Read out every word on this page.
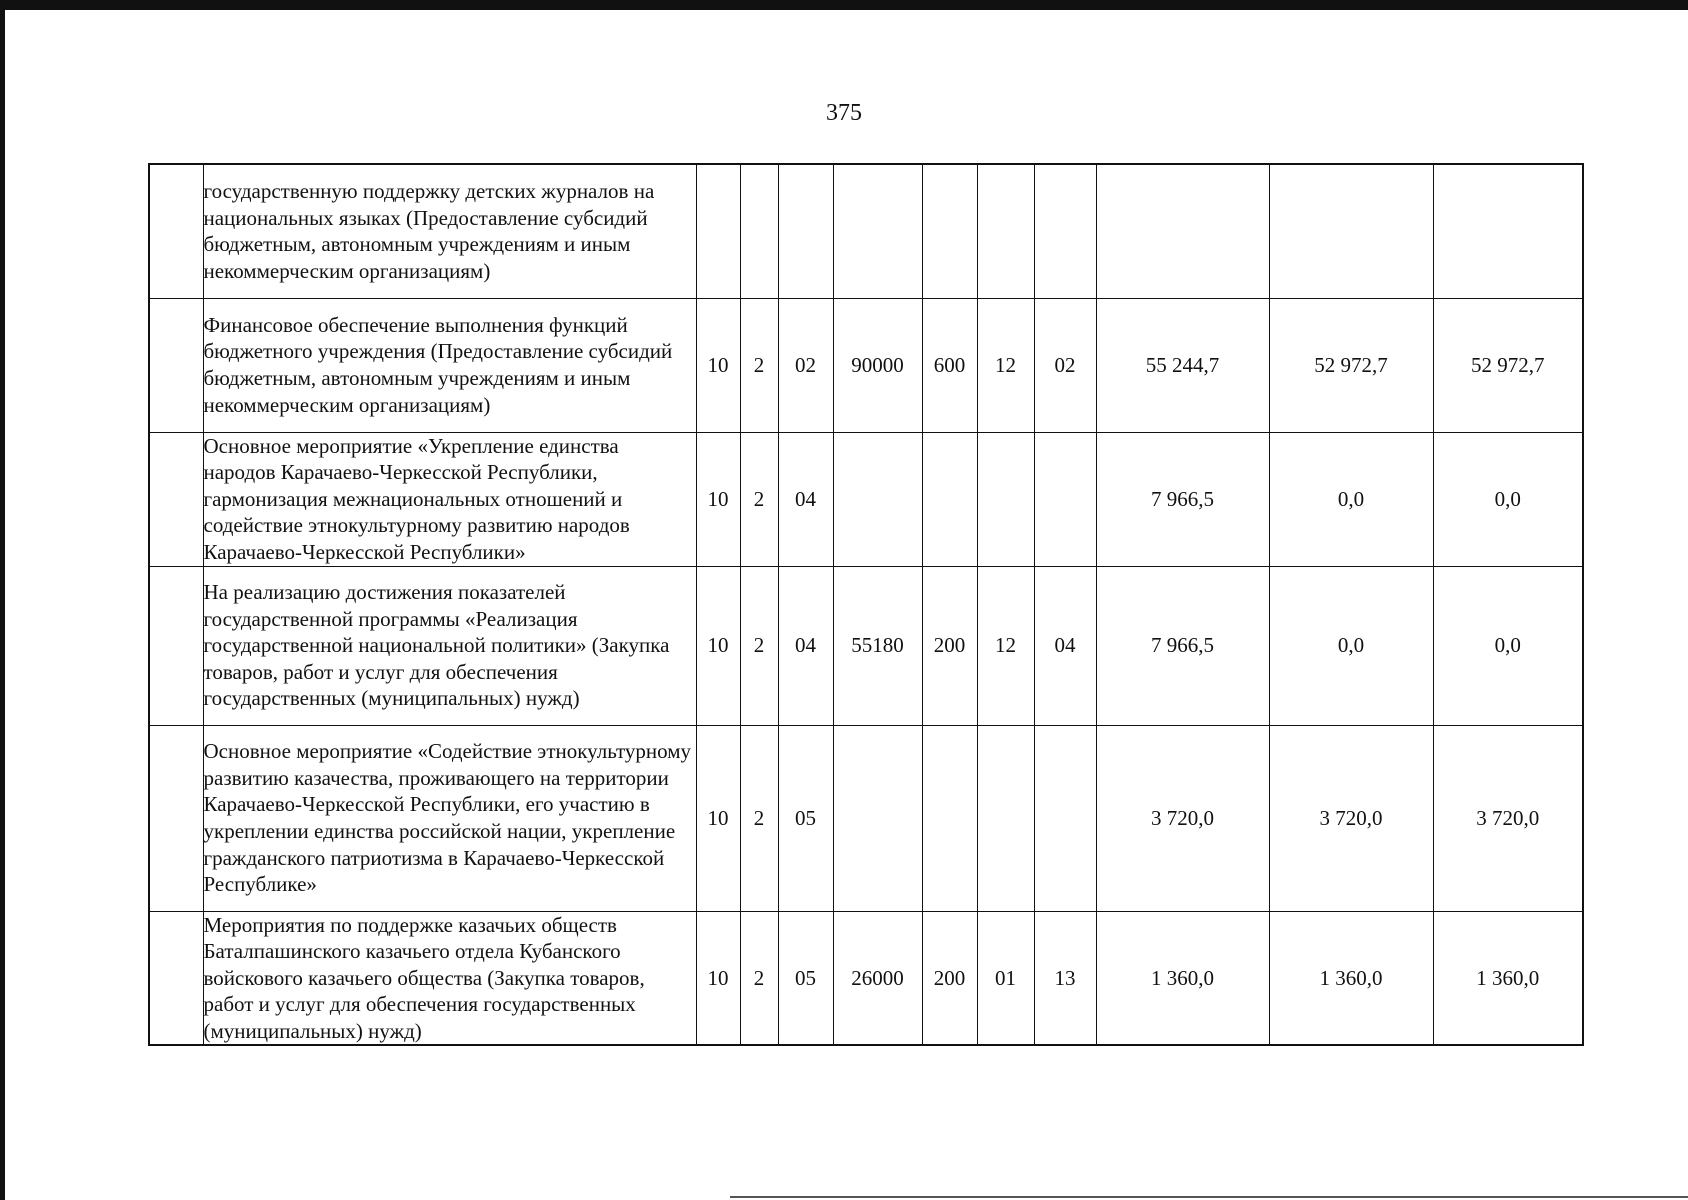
375
	государственную поддержку детских журналов на национальных языках (Предоставление субсидий бюджетным, автономным учреждениям и иным некоммерческим организациям)										
	Финансовое обеспечение выполнения функций бюджетного учреждения (Предоставление субсидий бюджетным, автономным учреждениям и иным некоммерческим организациям)	10	2	02	90000	600	12	02	55 244,7	52 972,7	52 972,7
	Основное мероприятие «Укрепление единства народов Карачаево-Черкесской Республики, гармонизация межнациональных отношений и содействие этнокультурному развитию народов Карачаево-Черкесской Республики»	10	2	04					7 966,5	0,0	0,0
	На реализацию достижения показателей государственной программы «Реализация государственной национальной политики» (Закупка товаров, работ и услуг для обеспечения государственных (муниципальных) нужд)	10	2	04	55180	200	12	04	7 966,5	0,0	0,0
	Основное мероприятие «Содействие этнокультурному развитию казачества, проживающего на территории Карачаево-Черкесской Республики, его участию в укреплении единства российской нации, укрепление гражданского патриотизма в Карачаево-Черкесской Республике»	10	2	05					3 720,0	3 720,0	3 720,0
	Мероприятия по поддержке казачьих обществ Баталпашинского казачьего отдела Кубанского войскового казачьего общества (Закупка товаров, работ и услуг для обеспечения государственных (муниципальных) нужд)	10	2	05	26000	200	01	13	1 360,0	1 360,0	1 360,0
